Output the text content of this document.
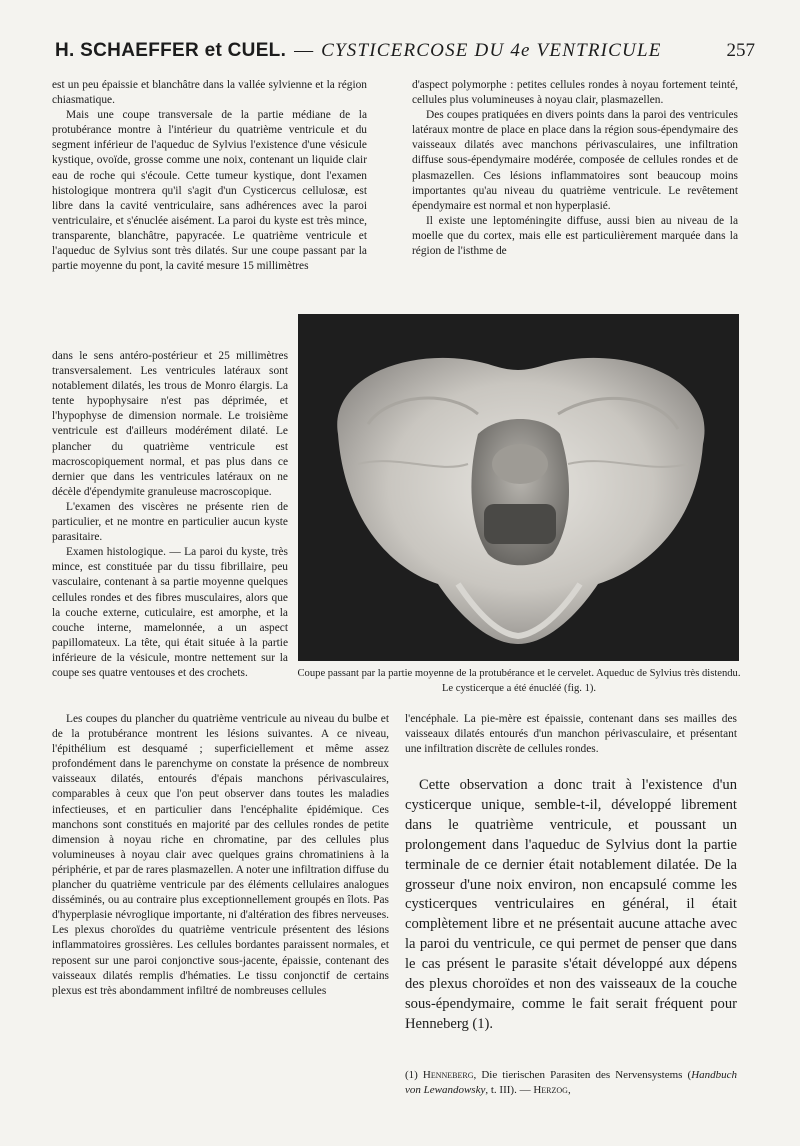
H. SCHAEFFER et CUEL. — CYSTICERCOSE DU 4e VENTRICULE	257

est un peu épaissie et blanchâtre dans la vallée sylvienne et la région chiasmatique.

Mais une coupe transversale de la partie médiane de la protubérance montre à l'intérieur du quatrième ventricule et du segment inférieur de l'aqueduc de Sylvius l'existence d'une vésicule kystique, ovoïde, grosse comme une noix, contenant un liquide clair eau de roche qui s'écoule. Cette tumeur kystique, dont l'examen histologique montrera qu'il s'agit d'un Cysticercus cellulosæ, est libre dans la cavité ventriculaire, sans adhérences avec la paroi ventriculaire, et s'énuclée aisément. La paroi du kyste est très mince, transparente, blanchâtre, papyracée. Le quatrième ventricule et l'aqueduc de Sylvius sont très dilatés. Sur une coupe passant par la partie moyenne du pont, la cavité mesure 15 millimètres

dans le sens antéro-postérieur et 25 millimètres transversalement. Les ventricules latéraux sont notablement dilatés, les trous de Monro élargis. La tente hypophysaire n'est pas déprimée, et l'hypophyse de dimension normale. Le troisième ventricule est d'ailleurs modérément dilaté. Le plancher du quatrième ventricule est macroscopiquement normal, et pas plus dans ce dernier que dans les ventricules latéraux on ne décèle d'épendymite granuleuse macroscopique.

L'examen des viscères ne présente rien de particulier, et ne montre en particulier aucun kyste parasitaire.

Examen histologique. — La paroi du kyste, très mince, est constituée par du tissu fibrillaire, peu vasculaire, contenant à sa partie moyenne quelques cellules rondes et des fibres musculaires, alors que la couche externe, cuticulaire, est amorphe, et la couche interne, mamelonnée, a un aspect papillomateux. La tête, qui était située à la partie inférieure de la vésicule, montre nettement sur la coupe ses quatre ventouses et des crochets.

d'aspect polymorphe : petites cellules rondes à noyau fortement teinté, cellules plus volumineuses à noyau clair, plasmazellen.

Des coupes pratiquées en divers points dans la paroi des ventricules latéraux montre de place en place dans la région sous-épendymaire des vaisseaux dilatés avec manchons périvasculaires, une infiltration diffuse sous-épendymaire modérée, composée de cellules rondes et de plasmazellen. Ces lésions inflammatoires sont beaucoup moins importantes qu'au niveau du quatrième ventricule. Le revêtement épendymaire est normal et non hyperplasié.

Il existe une leptoméningite diffuse, aussi bien au niveau de la moelle que du cortex, mais elle est particulièrement marquée dans la région de l'isthme de

Coupe passant par la partie moyenne de la protubérance et le cervelet. Aqueduc de Sylvius très distendu. Le cysticerque a été énucléé (fig. 1).

Les coupes du plancher du quatrième ventricule au niveau du bulbe et de la protubérance montrent les lésions suivantes. A ce niveau, l'épithélium est desquamé ; superficiellement et même assez profondément dans le parenchyme on constate la présence de nombreux vaisseaux dilatés, entourés d'épais manchons périvasculaires, comparables à ceux que l'on peut observer dans toutes les maladies infectieuses, et en particulier dans l'encéphalite épidémique. Ces manchons sont constitués en majorité par des cellules rondes de petite dimension à noyau riche en chromatine, par des cellules plus volumineuses à noyau clair avec quelques grains chromatiniens à la périphérie, et par de rares plasmazellen. A noter une infiltration diffuse du plancher du quatrième ventricule par des éléments cellulaires analogues disséminés, ou au contraire plus exceptionnellement groupés en îlots. Pas d'hyperplasie névroglique importante, ni d'altération des fibres nerveuses. Les plexus choroïdes du quatrième ventricule présentent des lésions inflammatoires grossières. Les cellules bordantes paraissent normales, et reposent sur une paroi conjonctive sous-jacente, épaissie, contenant des vaisseaux dilatés remplis d'hématies. Le tissu conjonctif de certains plexus est très abondamment infiltré de nombreuses cellules

l'encéphale. La pie-mère est épaissie, contenant dans ses mailles des vaisseaux dilatés entourés d'un manchon périvasculaire, et présentant une infiltration discrète de cellules rondes.

Cette observation a donc trait à l'existence d'un cysticerque unique, semble-t-il, développé librement dans le quatrième ventricule, et poussant un prolongement dans l'aqueduc de Sylvius dont la partie terminale de ce dernier était notablement dilatée. De la grosseur d'une noix environ, non encapsulé comme les cysticerques ventriculaires en général, il était complètement libre et ne présentait aucune attache avec la paroi du ventricule, ce qui permet de penser que dans le cas présent le parasite s'était développé aux dépens des plexus choroïdes et non des vaisseaux de la couche sous-épendymaire, comme le fait serait fréquent pour Henneberg (1).

(1) Henneberg, Die tierischen Parasiten des Nervensystems (Handbuch von Lewandowsky, t. III). — Herzog,
